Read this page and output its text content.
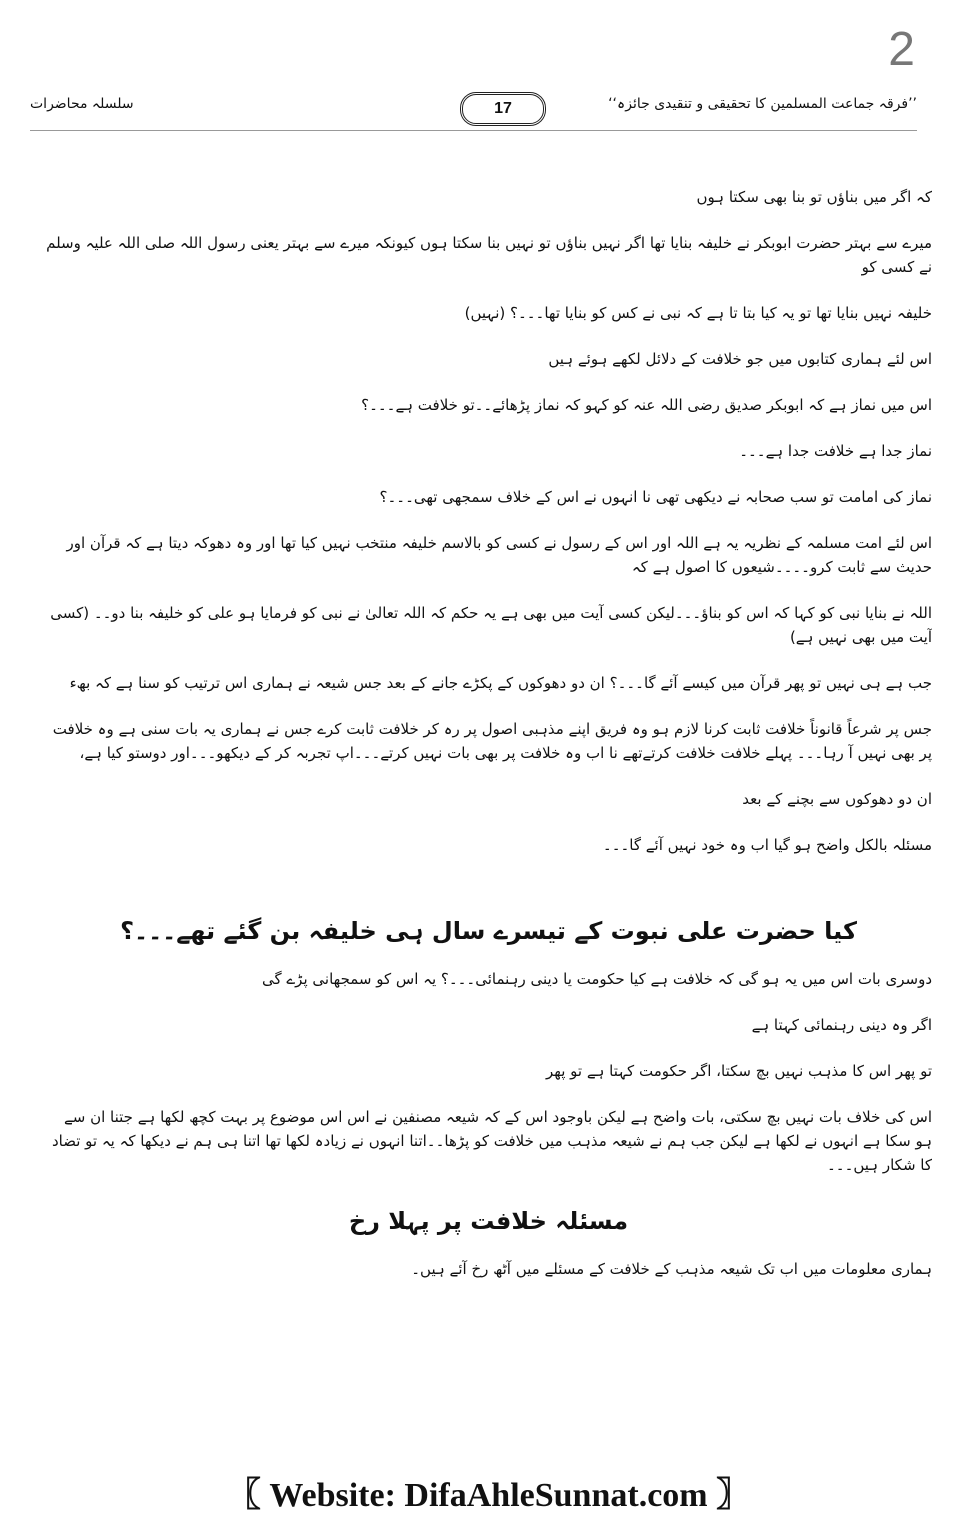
2
’’فرقہ جماعت المسلمین کا تحقیقی و تنقیدی جائزہ‘‘
17
سلسلہ محاضرات

کہ اگر میں بناؤں تو بنا بھی سکتا ہوں

میرے سے بہتر حضرت ابوبکر نے خلیفہ بنایا تھا اگر نہیں بناؤں تو نہیں بنا سکتا ہوں کیونکہ میرے سے بہتر یعنی رسول اللہ صلی اللہ علیہ وسلم نے کسی کو

خلیفہ نہیں بنایا تھا تو یہ کیا بتا تا ہے کہ نبی نے کس کو بنایا تھا۔۔۔؟ (نہیں)

اس لئے ہماری کتابوں میں جو خلافت کے دلائل لکھے ہوئے ہیں

اس میں نماز ہے کہ ابوبکر صدیق رضی اللہ عنہ کو کہو کہ نماز پڑھائے۔۔تو خلافت ہے۔۔۔؟

نماز جدا ہے خلافت جدا ہے۔۔۔

نماز کی امامت تو سب صحابہ نے دیکھی تھی نا انہوں نے اس کے خلاف سمجھی تھی۔۔۔؟

اس لئے امت مسلمہ کے نظریہ یہ ہے اللہ اور اس کے رسول نے کسی کو بالاسم خلیفہ منتخب نہیں کیا تھا اور وہ دھوکہ دیتا ہے کہ قرآن اور حدیث سے ثابت کرو۔۔۔۔شیعوں کا اصول ہے کہ

اللہ نے بنایا نبی کو کہا کہ اس کو بناؤ۔۔۔لیکن کسی آیت میں بھی ہے یہ حکم کہ اللہ تعالیٰ نے نبی کو فرمایا ہو علی کو خلیفہ بنا دو۔۔ (کسی آیت میں بھی نہیں ہے)

جب ہے ہی نہیں تو پھر قرآن میں کیسے آئے گا۔۔۔؟ ان دو دھوکوں کے پکڑے جانے کے بعد جس شیعہ نے ہماری اس ترتیب کو سنا ہے کہ بھء

جس پر شرعاً قانوناً خلافت ثابت کرنا لازم ہو وہ فریق اپنے مذہبی اصول پر رہ کر خلافت ثابت کرے جس نے ہماری یہ بات سنی ہے وہ خلافت پر بھی نہیں آ رہا۔۔۔ پہلے خلافت خلافت کرتےتھے نا اب وہ خلافت پر بھی بات نہیں کرتے۔۔۔اپ تجربہ کر کے دیکھو۔۔۔اور دوستو کیا ہے،

ان دو دھوکوں سے بچنے کے بعد

مسئلہ بالکل واضح ہو گیا اب وہ خود نہیں آئے گا۔۔۔

کیا حضرت علی نبوت کے تیسرے سال ہی خلیفہ بن گئے تھے۔۔۔؟

دوسری بات اس میں یہ ہو گی کہ خلافت ہے کیا حکومت یا دینی رہنمائی۔۔۔؟ یہ اس کو سمجھانی پڑے گی

اگر وہ دینی رہنمائی کہتا ہے

تو پھر اس کا مذہب نہیں بچ سکتا، اگر حکومت کہتا ہے تو پھر

اس کی خلاف بات نہیں بچ سکتی، بات واضح ہے لیکن باوجود اس کے کہ شیعہ مصنفین نے اس اس موضوع پر بہت کچھ لکھا ہے جتنا ان سے ہو سکا ہے انہوں نے لکھا ہے لیکن جب ہم نے شیعہ مذہب میں خلافت کو پڑھا۔۔اتنا انہوں نے زیادہ لکھا تھا اتنا ہی ہم نے دیکھا کہ یہ تو تضاد کا شکار ہیں۔۔۔

مسئلہ خلافت پر پہلا رخ

ہماری معلومات میں اب تک شیعہ مذہب کے خلافت کے مسئلے میں آٹھ رخ آئے ہیں۔

〖 Website: DifaAhleSunnat.com 〗
